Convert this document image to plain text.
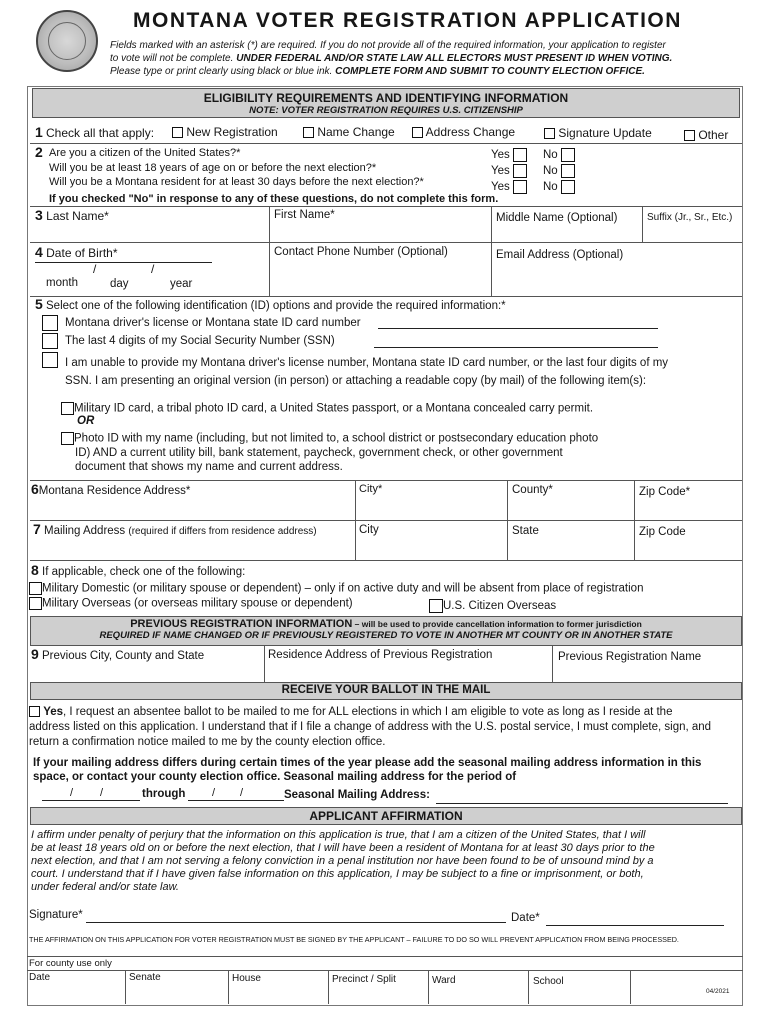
MONTANA VOTER REGISTRATION APPLICATION
Fields marked with an asterisk (*) are required. If you do not provide all of the required information, your application to register
to vote will not be complete. UNDER FEDERAL AND/OR STATE LAW ALL ELECTORS MUST PRESENT ID WHEN VOTING.
Please type or print clearly using black or blue ink. COMPLETE FORM AND SUBMIT TO COUNTY ELECTION OFFICE.
ELIGIBILITY REQUIREMENTS AND IDENTIFYING INFORMATION
NOTE: VOTER REGISTRATION REQUIRES U.S. CITIZENSHIP
1 Check all that apply:	New Registration	Name Change	Address Change	Signature Update	Other
2 Are you a citizen of the United States?*
Will you be at least 18 years of age on or before the next election?*
Will you be a Montana resident for at least 30 days before the next election?*
Yes	No
Yes	No
Yes	No
If you checked "No" in response to any of these questions, do not complete this form.
3 Last Name*	First Name*	Middle Name (Optional)	Suffix (Jr., Sr., Etc.)
4 Date of Birth*
/	/
month	day	year
Contact Phone Number (Optional)	Email Address (Optional)
5 Select one of the following identification (ID) options and provide the required information:*
Montana driver's license or Montana state ID card number
The last 4 digits of my Social Security Number (SSN)
I am unable to provide my Montana driver's license number, Montana state ID card number, or the last four digits of my
SSN. I am presenting an original version (in person) or attaching a readable copy (by mail) of the following item(s):
Military ID card, a tribal photo ID card, a United States passport, or a Montana concealed carry permit.
OR
Photo ID with my name (including, but not limited to, a school district or postsecondary education photo
ID) AND a current utility bill, bank statement, paycheck, government check, or other government
document that shows my name and current address.
6Montana Residence Address*	City*	County*	Zip Code*
7 Mailing Address (required if differs from residence address)	City	State	Zip Code
8 If applicable, check one of the following:
Military Domestic (or military spouse or dependent) – only if on active duty and will be absent from place of registration
Military Overseas (or overseas military spouse or dependent)	U.S. Citizen Overseas
PREVIOUS REGISTRATION INFORMATION – will be used to provide cancellation information to former jurisdiction
REQUIRED IF NAME CHANGED OR IF PREVIOUSLY REGISTERED TO VOTE IN ANOTHER MT COUNTY OR IN ANOTHER STATE
9 Previous City, County and State	Residence Address of Previous Registration	Previous Registration Name
RECEIVE YOUR BALLOT IN THE MAIL
Yes, I request an absentee ballot to be mailed to me for ALL elections in which I am eligible to vote as long as I reside at the
address listed on this application. I understand that if I file a change of address with the U.S. postal service, I must complete, sign, and
return a confirmation notice mailed to me by the county election office.
If your mailing address differs during certain times of the year please add the seasonal mailing address information in this
space, or contact your county election office. Seasonal mailing address for the period of
/ /	through / /	Seasonal Mailing Address:
APPLICANT AFFIRMATION
I affirm under penalty of perjury that the information on this application is true, that I am a citizen of the United States, that I will
be at least 18 years old on or before the next election, that I will have been a resident of Montana for at least 30 days prior to the
next election, and that I am not serving a felony conviction in a penal institution nor have been found to be of unsound mind by a
court. I understand that if I have given false information on this application, I may be subject to a fine or imprisonment, or both,
under federal and/or state law.
Signature*	Date*
THE AFFIRMATION ON THIS APPLICATION FOR VOTER REGISTRATION MUST BE SIGNED BY THE APPLICANT – FAILURE TO DO SO WILL PREVENT APPLICATION FROM BEING PROCESSED.
For county use only
Date	Senate	House	Precinct / Split	Ward	School
04/2021
